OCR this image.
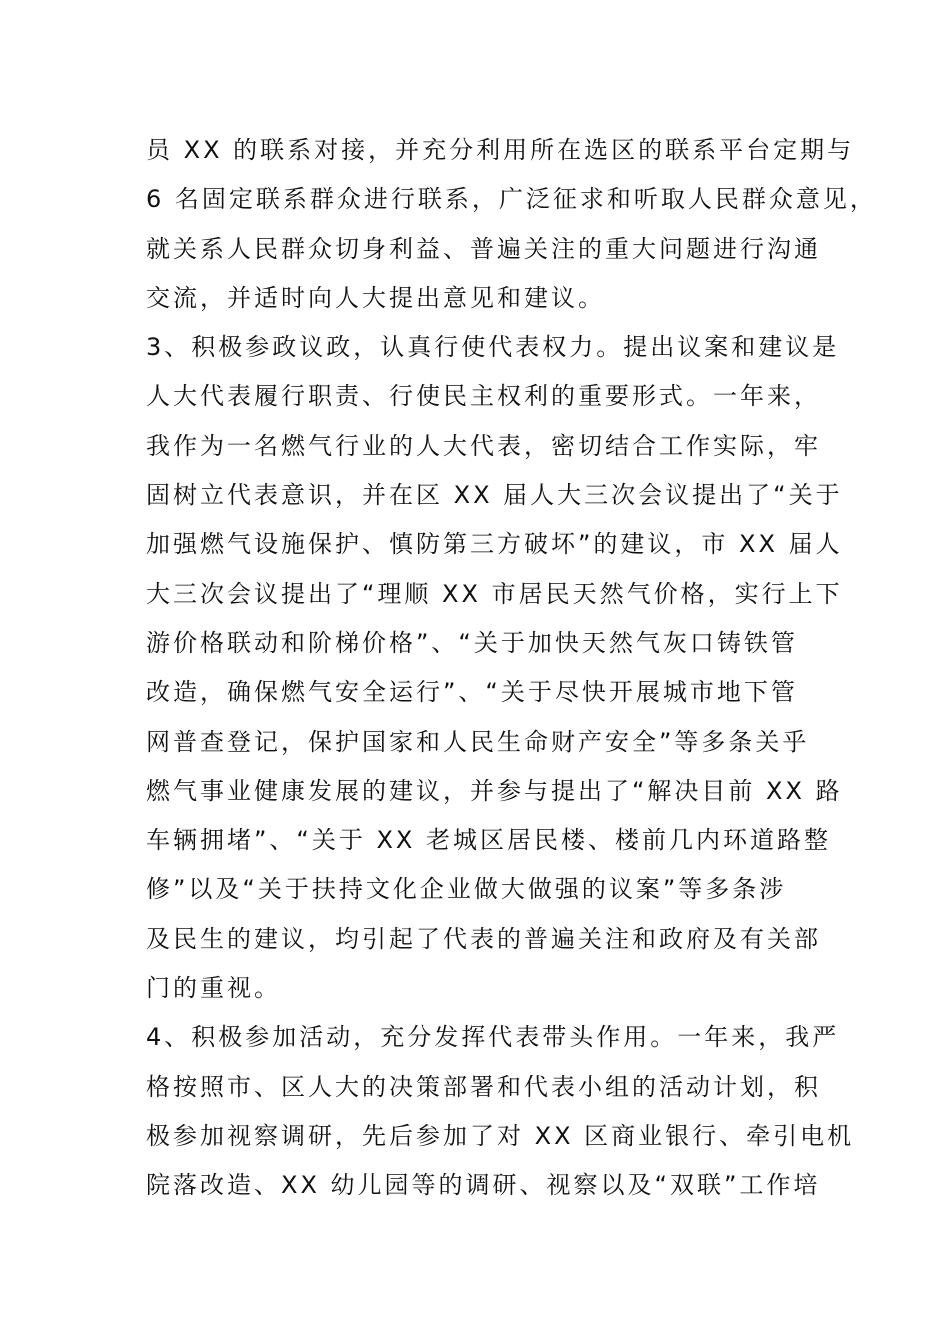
员 XX 的联系对接，并充分利用所在选区的联系平台定期与
6 名固定联系群众进行联系，广泛征求和听取人民群众意见，
就关系人民群众切身利益、普遍关注的重大问题进行沟通
交流，并适时向人大提出意见和建议。
3、积极参政议政，认真行使代表权力。提出议案和建议是
人大代表履行职责、行使民主权利的重要形式。一年来，
我作为一名燃气行业的人大代表，密切结合工作实际，牢
固树立代表意识，并在区 XX 届人大三次会议提出了“关于
加强燃气设施保护、慎防第三方破坏”的建议，市 XX 届人
大三次会议提出了“理顺 XX 市居民天然气价格，实行上下
游价格联动和阶梯价格”、“关于加快天然气灰口铸铁管
改造，确保燃气安全运行”、“关于尽快开展城市地下管
网普查登记，保护国家和人民生命财产安全”等多条关乎
燃气事业健康发展的建议，并参与提出了“解决目前 XX 路
车辆拥堵”、“关于 XX 老城区居民楼、楼前几内环道路整
修”以及“关于扶持文化企业做大做强的议案”等多条涉
及民生的建议，均引起了代表的普遍关注和政府及有关部
门的重视。
4、积极参加活动，充分发挥代表带头作用。一年来，我严
格按照市、区人大的决策部署和代表小组的活动计划，积
极参加视察调研，先后参加了对 XX 区商业银行、牵引电机
院落改造、XX 幼儿园等的调研、视察以及“双联”工作培
